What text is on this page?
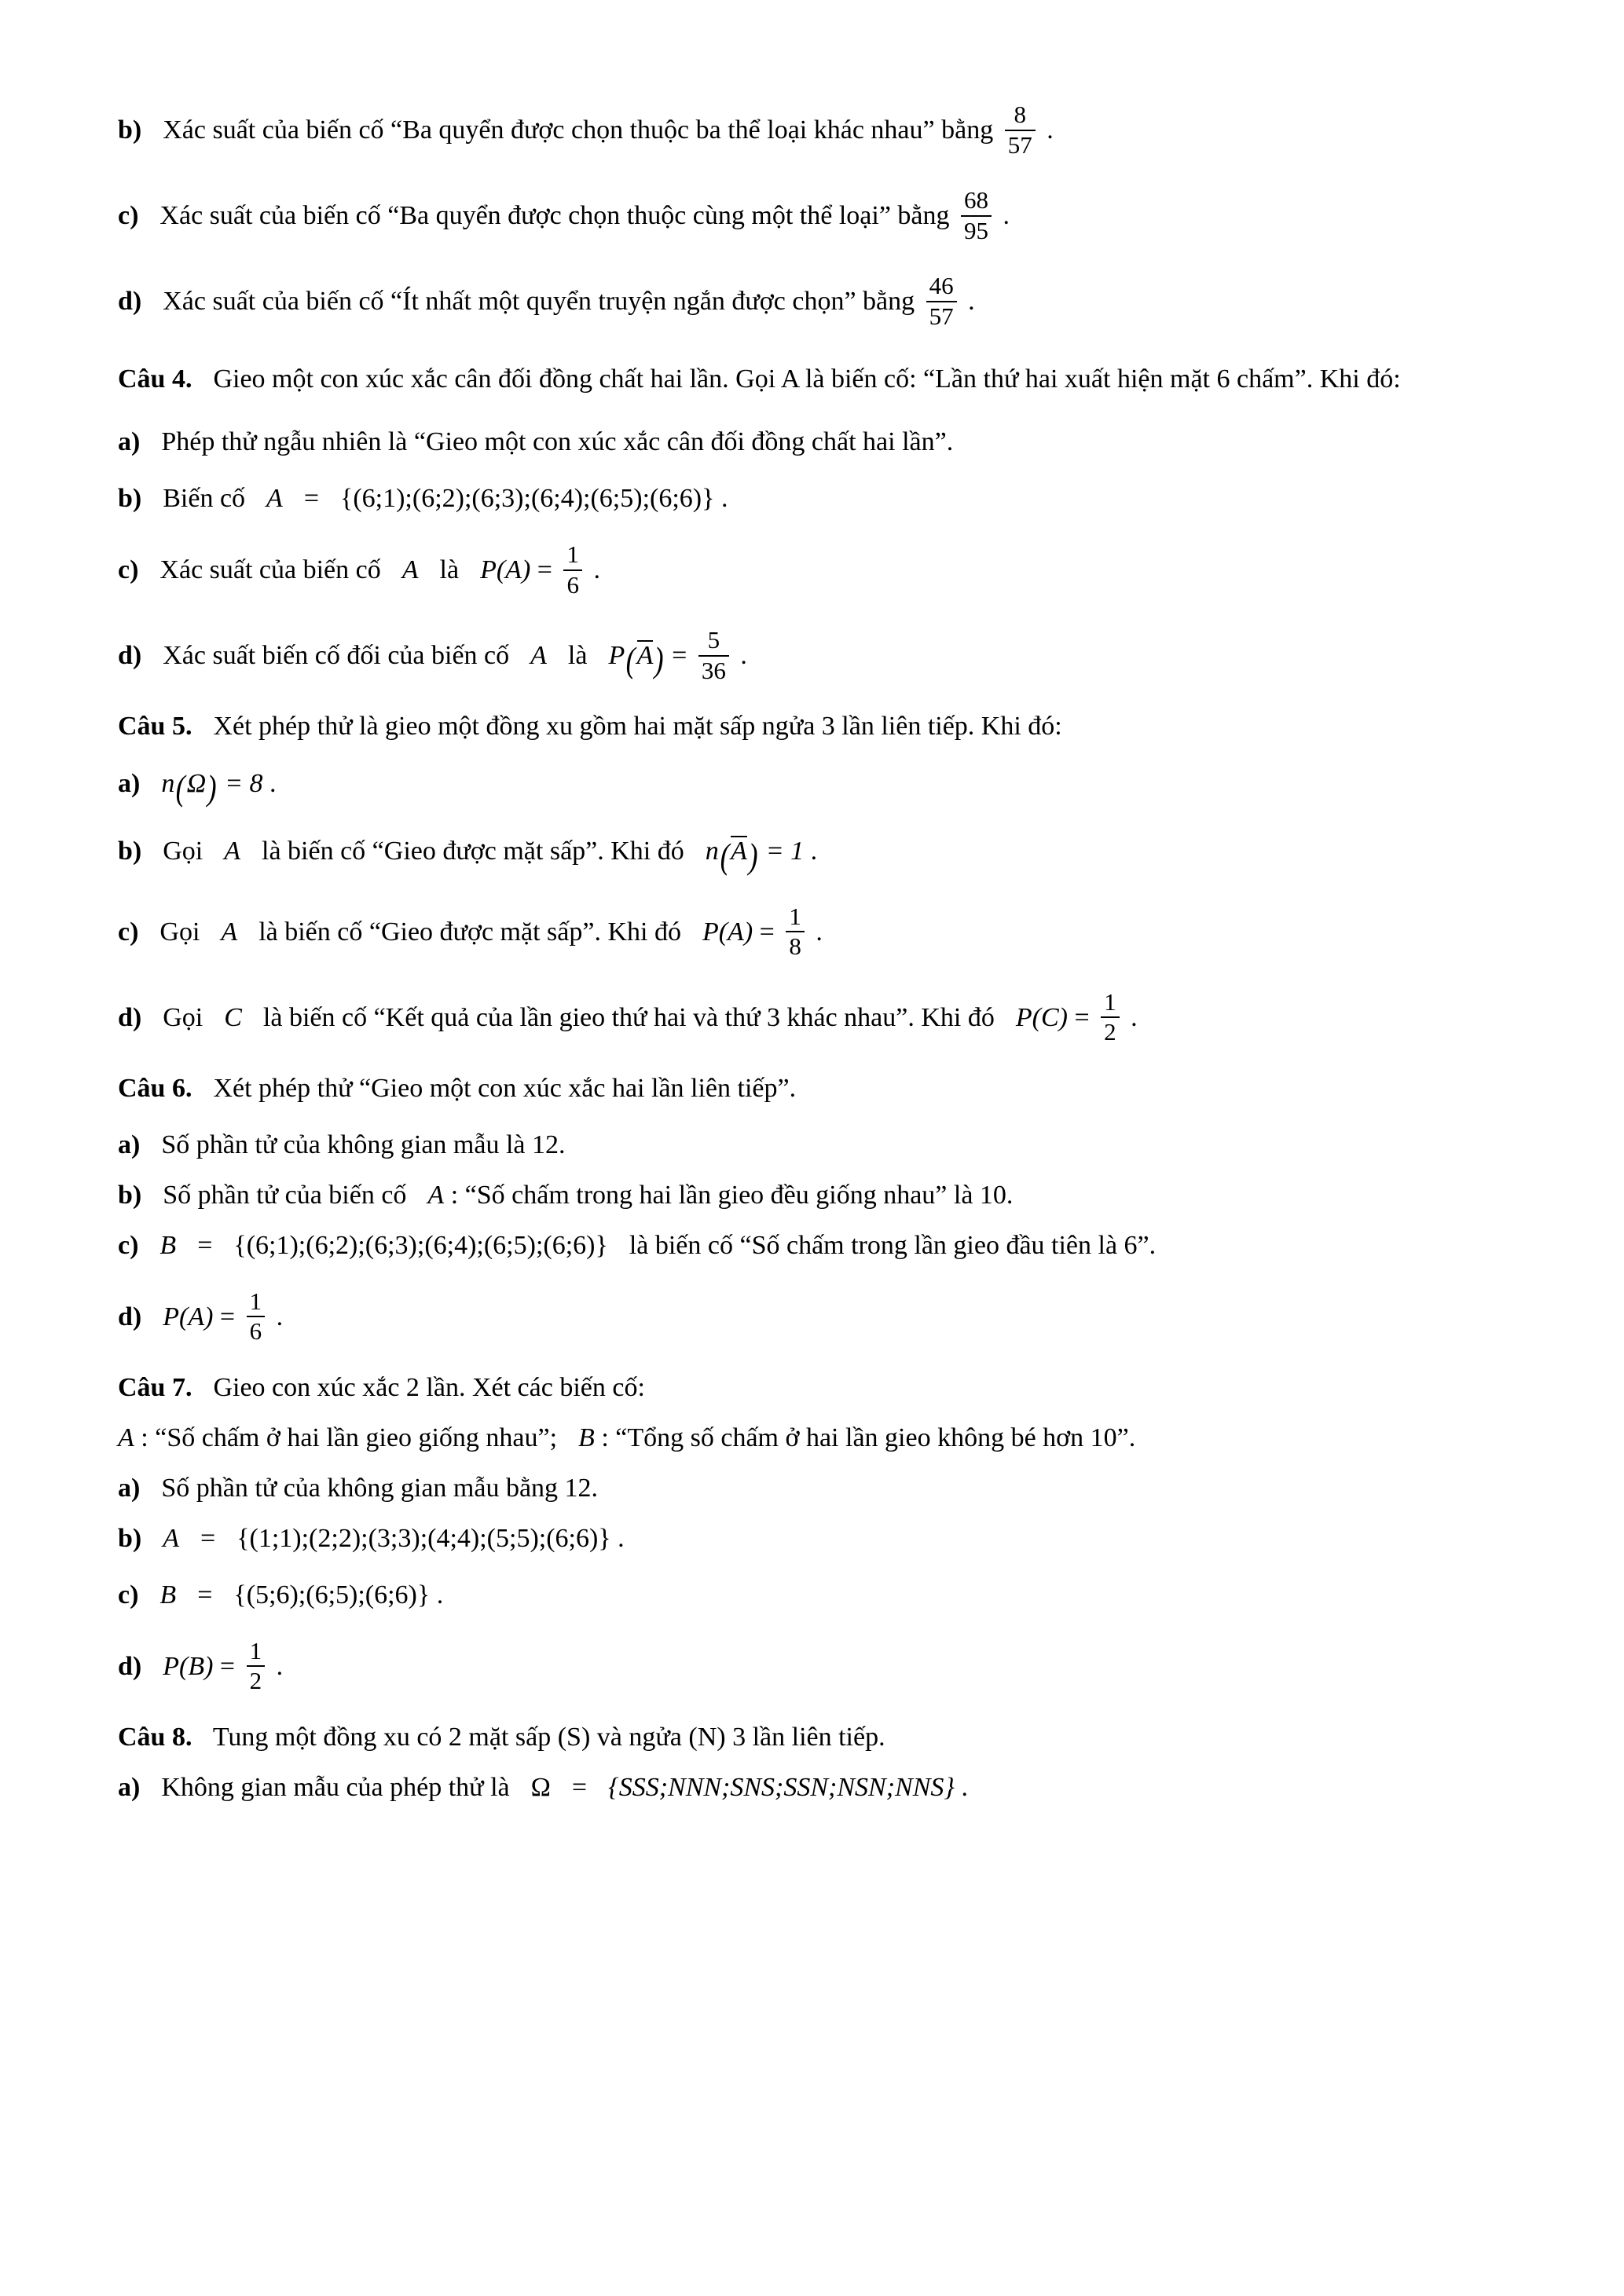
b) Xác suất của biến cố “Ba quyển được chọn thuộc ba thể loại khác nhau” bằng $\frac{8}{57}$ .
c) Xác suất của biến cố “Ba quyển được chọn thuộc cùng một thể loại” bằng $\frac{68}{95}$ .
d) Xác suất của biến cố “Ít nhất một quyển truyện ngắn được chọn” bằng $\frac{46}{57}$ .
Câu 4. Gieo một con xúc xắc cân đối đồng chất hai lần. Gọi A là biến cố: “Lần thứ hai xuất hiện mặt 6 chấm”. Khi đó:
a) Phép thử ngẫu nhiên là “Gieo một con xúc xắc cân đối đồng chất hai lần”.
b) Biến cố A = {(6;1);(6;2);(6;3);(6;4);(6;5);(6;6)} .
c) Xác suất của biến cố A là $P(A) = \frac{1}{6}$ .
d) Xác suất biến cố đối của biến cố A là $P(A) = \frac{5}{36}$ .
Câu 5. Xét phép thử là gieo một đồng xu gồm hai mặt sấp ngửa 3 lần liên tiếp. Khi đó:
a) n(Ω) = 8 .
b) Gọi A là biến cố “Gieo được mặt sấp”. Khi đó n(A) = 1 .
c) Gọi A là biến cố “Gieo được mặt sấp”. Khi đó $P(A) = \frac{1}{8}$ .
d) Gọi C là biến cố “Kết quả của lần gieo thứ hai và thứ 3 khác nhau”. Khi đó $P(C) = \frac{1}{2}$ .
Câu 6. Xét phép thử “Gieo một con xúc xắc hai lần liên tiếp”.
a) Số phần tử của không gian mẫu là 12.
b) Số phần tử của biến cố A : “Số chấm trong hai lần gieo đều giống nhau” là 10.
c) B = {(6;1);(6;2);(6;3);(6;4);(6;5);(6;6)} là biến cố “Số chấm trong lần gieo đầu tiên là 6”.
d) $P(A) = \frac{1}{6}$ .
Câu 7. Gieo con xúc xắc 2 lần. Xét các biến cố:
A : “Số chấm ở hai lần gieo giống nhau”; B : “Tổng số chấm ở hai lần gieo không bé hơn 10”.
a) Số phần tử của không gian mẫu bằng 12.
b) A = {(1;1);(2;2);(3;3);(4;4);(5;5);(6;6)} .
c) B = {(5;6);(6;5);(6;6)} .
d) $P(B) = \frac{1}{2}$ .
Câu 8. Tung một đồng xu có 2 mặt sấp (S) và ngửa (N) 3 lần liên tiếp.
a) Không gian mẫu của phép thử là Ω = {SSS;NNN;SNS;SSN;NSN;NNS} .
